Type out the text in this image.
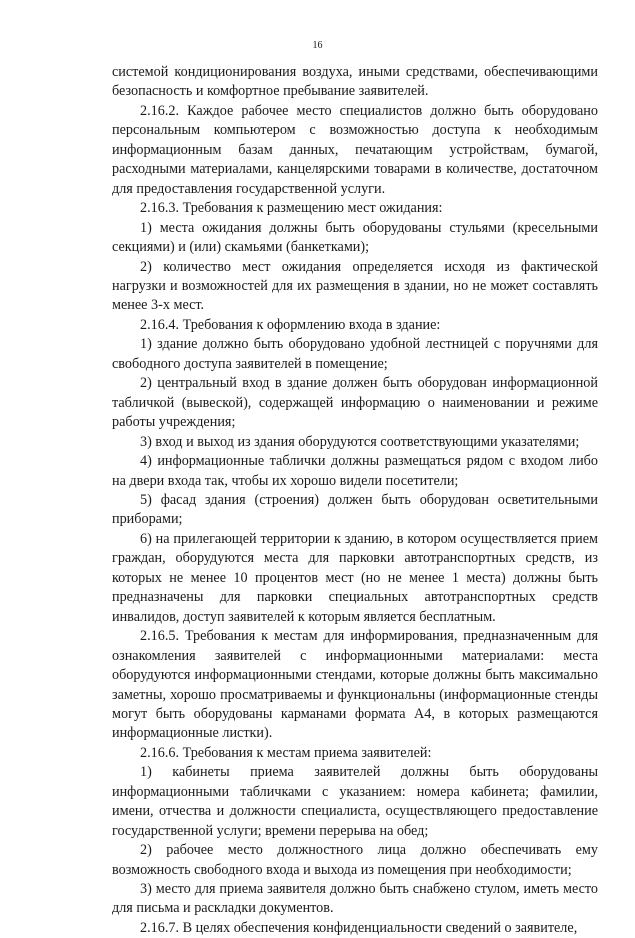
16

системой кондиционирования воздуха, иными средствами, обеспечивающими безопасность и комфортное пребывание заявителей.

2.16.2. Каждое рабочее место специалистов должно быть оборудовано персональным компьютером с возможностью доступа к необходимым информационным базам данных, печатающим устройствам, бумагой, расходными материалами, канцелярскими товарами в количестве, достаточном для предоставления государственной услуги.

2.16.3. Требования к размещению мест ожидания:

1) места ожидания должны быть оборудованы стульями (кресельными секциями) и (или) скамьями (банкетками);

2) количество мест ожидания определяется исходя из фактической нагрузки и возможностей для их размещения в здании, но не может составлять менее 3-х мест.

2.16.4. Требования к оформлению входа в здание:

1) здание должно быть оборудовано удобной лестницей с поручнями для свободного доступа заявителей в помещение;

2) центральный вход в здание должен быть оборудован информационной табличкой (вывеской), содержащей информацию о наименовании и режиме работы учреждения;

3) вход и выход из здания оборудуются соответствующими указателями;

4) информационные таблички должны размещаться рядом с входом либо на двери входа так, чтобы их хорошо видели посетители;

5) фасад здания (строения) должен быть оборудован осветительными приборами;

6) на прилегающей территории к зданию, в котором осуществляется прием граждан, оборудуются места для парковки автотранспортных средств, из которых не менее 10 процентов мест (но не менее 1 места) должны быть предназначены для парковки специальных автотранспортных средств инвалидов, доступ заявителей к которым является бесплатным.

2.16.5. Требования к местам для информирования, предназначенным для ознакомления заявителей с информационными материалами: места оборудуются информационными стендами, которые должны быть максимально заметны, хорошо просматриваемы и функциональны (информационные стенды могут быть оборудованы карманами формата А4, в которых размещаются информационные листки).

2.16.6. Требования к местам приема заявителей:

1) кабинеты приема заявителей должны быть оборудованы информационными табличками с указанием: номера кабинета; фамилии, имени, отчества и должности специалиста, осуществляющего предоставление государственной услуги; времени перерыва на обед;

2) рабочее место должностного лица должно обеспечивать ему возможность свободного входа и выхода из помещения при необходимости;

3) место для приема заявителя должно быть снабжено стулом, иметь место для письма и раскладки документов.

2.16.7. В целях обеспечения конфиденциальности сведений о заявителе,
